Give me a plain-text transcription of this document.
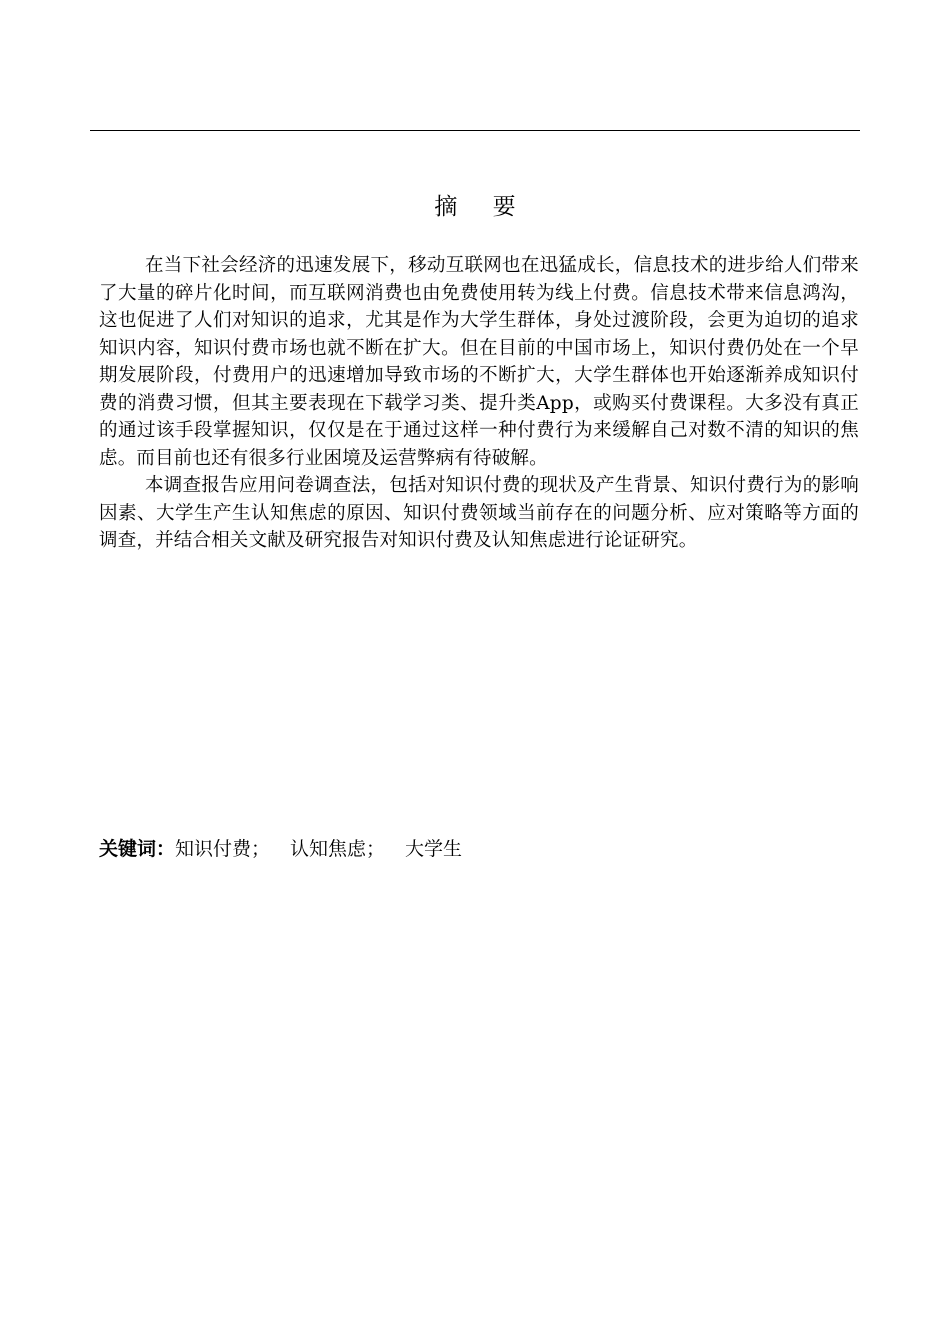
摘 要

在当下社会经济的迅速发展下，移动互联网也在迅猛成长，信息技术的进步给人们带来了大量的碎片化时间，而互联网消费也由免费使用转为线上付费。信息技术带来信息鸿沟，这也促进了人们对知识的追求，尤其是作为大学生群体，身处过渡阶段，会更为迫切的追求知识内容，知识付费市场也就不断在扩大。但在目前的中国市场上，知识付费仍处在一个早期发展阶段，付费用户的迅速增加导致市场的不断扩大，大学生群体也开始逐渐养成知识付费的消费习惯，但其主要表现在下载学习类、提升类App，或购买付费课程。大多没有真正的通过该手段掌握知识，仅仅是在于通过这样一种付费行为来缓解自己对数不清的知识的焦虑。而目前也还有很多行业困境及运营弊病有待破解。

本调查报告应用问卷调查法，包括对知识付费的现状及产生背景、知识付费行为的影响因素、大学生产生认知焦虑的原因、知识付费领域当前存在的问题分析、应对策略等方面的调查，并结合相关文献及研究报告对知识付费及认知焦虑进行论证研究。

关键词：知识付费； 认知焦虑； 大学生
